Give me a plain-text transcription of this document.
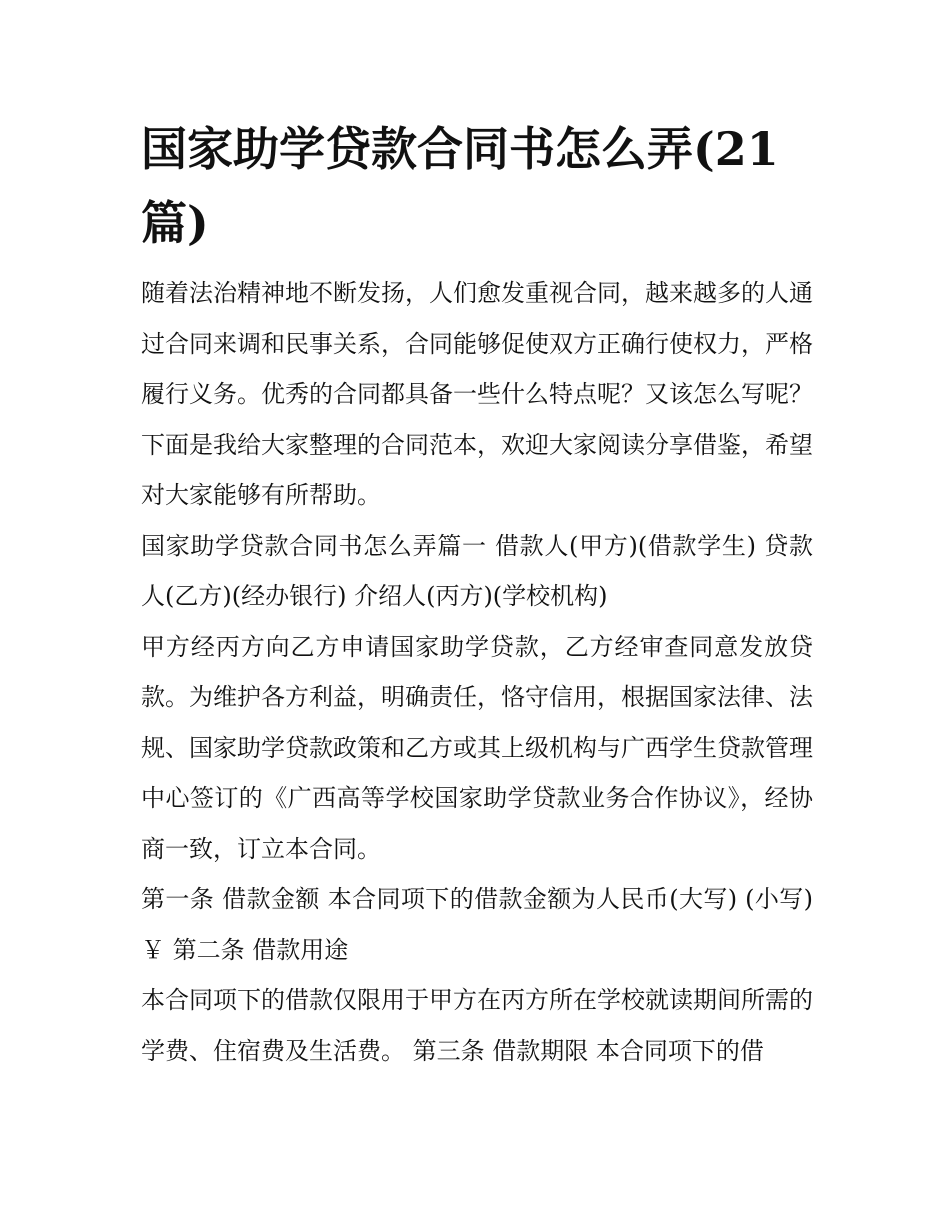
国家助学贷款合同书怎么弄(21篇)

随着法治精神地不断发扬，人们愈发重视合同，越来越多的人通过合同来调和民事关系，合同能够促使双方正确行使权力，严格履行义务。优秀的合同都具备一些什么特点呢？又该怎么写呢？下面是我给大家整理的合同范本，欢迎大家阅读分享借鉴，希望对大家能够有所帮助。

国家助学贷款合同书怎么弄篇一 借款人(甲方)(借款学生) 贷款人(乙方)(经办银行) 介绍人(丙方)(学校机构)

甲方经丙方向乙方申请国家助学贷款，乙方经审查同意发放贷款。为维护各方利益，明确责任，恪守信用，根据国家法律、法规、国家助学贷款政策和乙方或其上级机构与广西学生贷款管理中心签订的《广西高等学校国家助学贷款业务合作协议》，经协商一致，订立本合同。

第一条 借款金额 本合同项下的借款金额为人民币(大写) (小写)￥ 第二条 借款用途

本合同项下的借款仅限用于甲方在丙方所在学校就读期间所需的学费、住宿费及生活费。 第三条 借款期限 本合同项下的借
